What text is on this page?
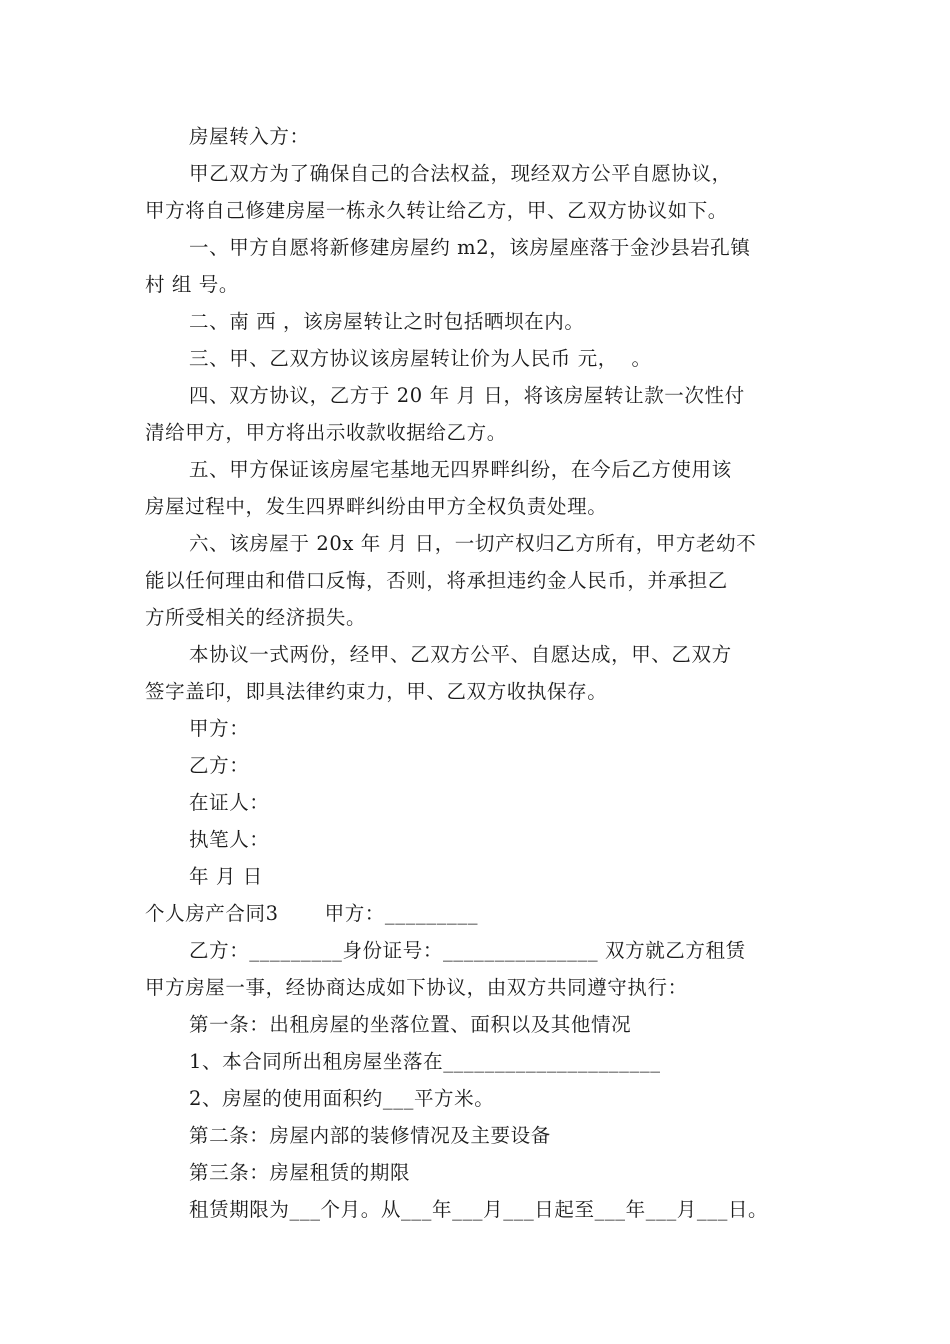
房屋转入方：
甲乙双方为了确保自己的合法权益，现经双方公平自愿协议，
甲方将自己修建房屋一栋永久转让给乙方，甲、乙双方协议如下。
一、甲方自愿将新修建房屋约 m2，该房屋座落于金沙县岩孔镇
村 组 号。
二、南 西 ，该房屋转让之时包括晒坝在内。
三、甲、乙双方协议该房屋转让价为人民币 元，  。
四、双方协议，乙方于 20 年 月 日，将该房屋转让款一次性付
清给甲方，甲方将出示收款收据给乙方。
五、甲方保证该房屋宅基地无四界畔纠纷，在今后乙方使用该
房屋过程中，发生四界畔纠纷由甲方全权负责处理。
六、该房屋于 20x 年 月 日，一切产权归乙方所有，甲方老幼不
能以任何理由和借口反悔，否则，将承担违约金人民币，并承担乙
方所受相关的经济损失。
本协议一式两份，经甲、乙双方公平、自愿达成，甲、乙双方
签字盖印，即具法律约束力，甲、乙双方收执保存。
甲方：
乙方：
在证人：
执笔人：
年 月 日
个人房产合同3 甲方：_________
乙方：_________身份证号：_______________ 双方就乙方租赁
甲方房屋一事，经协商达成如下协议，由双方共同遵守执行：
第一条：出租房屋的坐落位置、面积以及其他情况
1、本合同所出租房屋坐落在_____________________
2、房屋的使用面积约___平方米。
第二条：房屋内部的装修情况及主要设备
第三条：房屋租赁的期限
租赁期限为___个月。从___年___月___日起至___年___月___日。
